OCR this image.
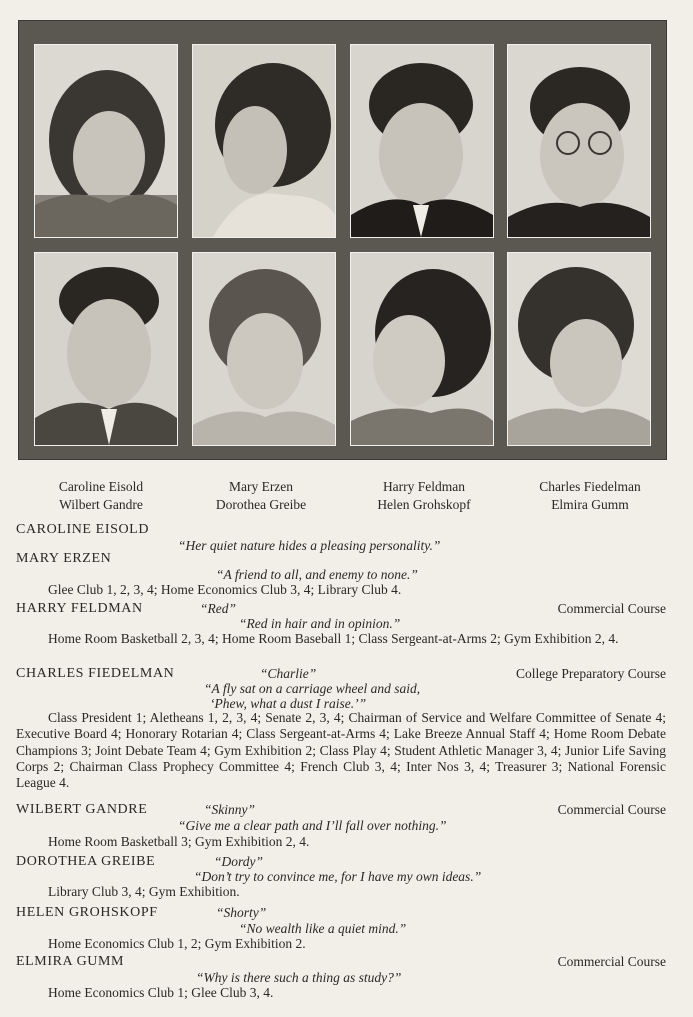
Caroline Eisold	Mary Erzen	Harry Feldman	Charles Fiedelman
Wilbert Gandre	Dorothea Greibe	Helen Grohskopf	Elmira Gumm
CAROLINE EISOLD
“Her quiet nature hides a pleasing personality.”
MARY ERZEN
“A friend to all, and enemy to none.”
Glee Club 1, 2, 3, 4; Home Economics Club 3, 4; Library Club 4.
HARRY FELDMAN	“Red”	Commercial Course
“Red in hair and in opinion.”
Home Room Basketball 2, 3, 4; Home Room Baseball 1; Class Sergeant-at-Arms 2; Gym Exhibition 2, 4.
CHARLES FIEDELMAN	“Charlie”	College Preparatory Course
“A fly sat on a carriage wheel and said,
‘Phew, what a dust I raise.’”
Class President 1; Aletheans 1, 2, 3, 4; Senate 2, 3, 4; Chairman of Service and Welfare Committee of Senate 4; Executive Board 4; Honorary Rotarian 4; Class Sergeant-at-Arms 4; Lake Breeze Annual Staff 4; Home Room Debate Champions 3; Joint Debate Team 4; Gym Exhibition 2; Class Play 4; Student Athletic Manager 3, 4; Junior Life Saving Corps 2; Chairman Class Prophecy Committee 4; French Club 3, 4; Inter Nos 3, 4; Treasurer 3; National Forensic League 4.
WILBERT GANDRE	“Skinny”	Commercial Course
“Give me a clear path and I’ll fall over nothing.”
Home Room Basketball 3; Gym Exhibition 2, 4.
DOROTHEA GREIBE	“Dordy”
“Don’t try to convince me, for I have my own ideas.”
Library Club 3, 4; Gym Exhibition.
HELEN GROHSKOPF	“Shorty”
“No wealth like a quiet mind.”
Home Economics Club 1, 2; Gym Exhibition 2.
ELMIRA GUMM	Commercial Course
“Why is there such a thing as study?”
Home Economics Club 1; Glee Club 3, 4.
